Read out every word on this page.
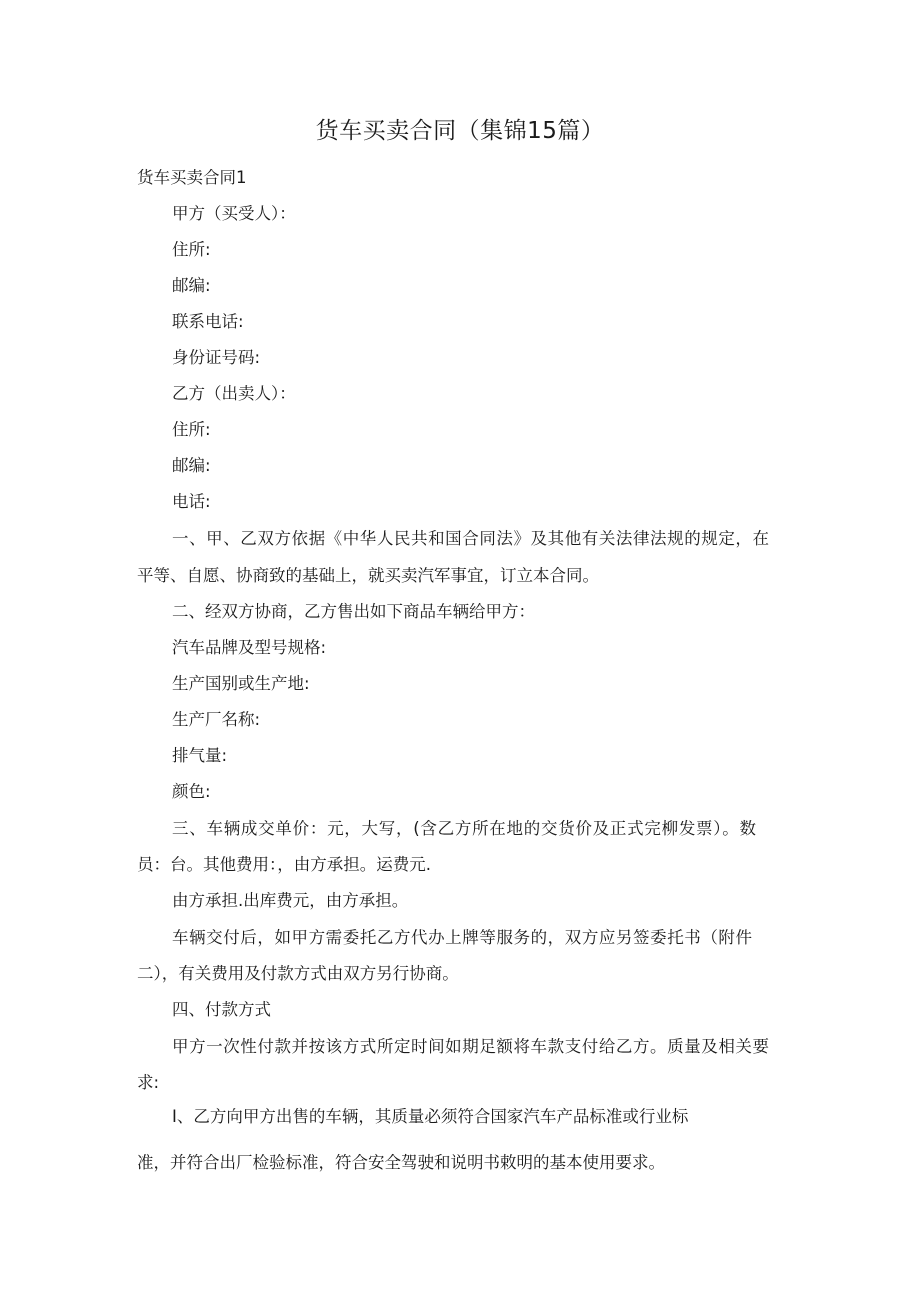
货车买卖合同（集锦15篇）

货车买卖合同1

甲方（买受人）：

住所:

邮编:

联系电话:

身份证号码:

乙方（出卖人）：

住所:

邮编:

电话:

一、甲、乙双方依据《中华人民共和国合同法》及其他有关法律法规的规定，在

平等、自愿、协商致的基础上，就买卖汽军事宜，订立本合同。

二、经双方协商，乙方售出如下商品车辆给甲方：

汽车品牌及型号规格:

生产国别或生产地:

生产厂名称:

排气量:

颜色:

三、车辆成交单价：元，大写，(含乙方所在地的交货价及正式完柳发票）。数

员：台。其他费用：，由方承担。运费元.

由方承担.出库费元，由方承担。

车辆交付后，如甲方需委托乙方代办上牌等服务的，双方应另签委托书（附件

二），有关费用及付款方式由双方另行协商。

四、付款方式

甲方一次性付款并按该方式所定时间如期足额将车款支付给乙方。质量及相关要

求:

I、乙方向甲方出售的车辆，其质量必须符合国家汽车产品标准或行业标

准，并符合出厂检验标准，符合安全驾驶和说明书敕明的基本使用要求。
